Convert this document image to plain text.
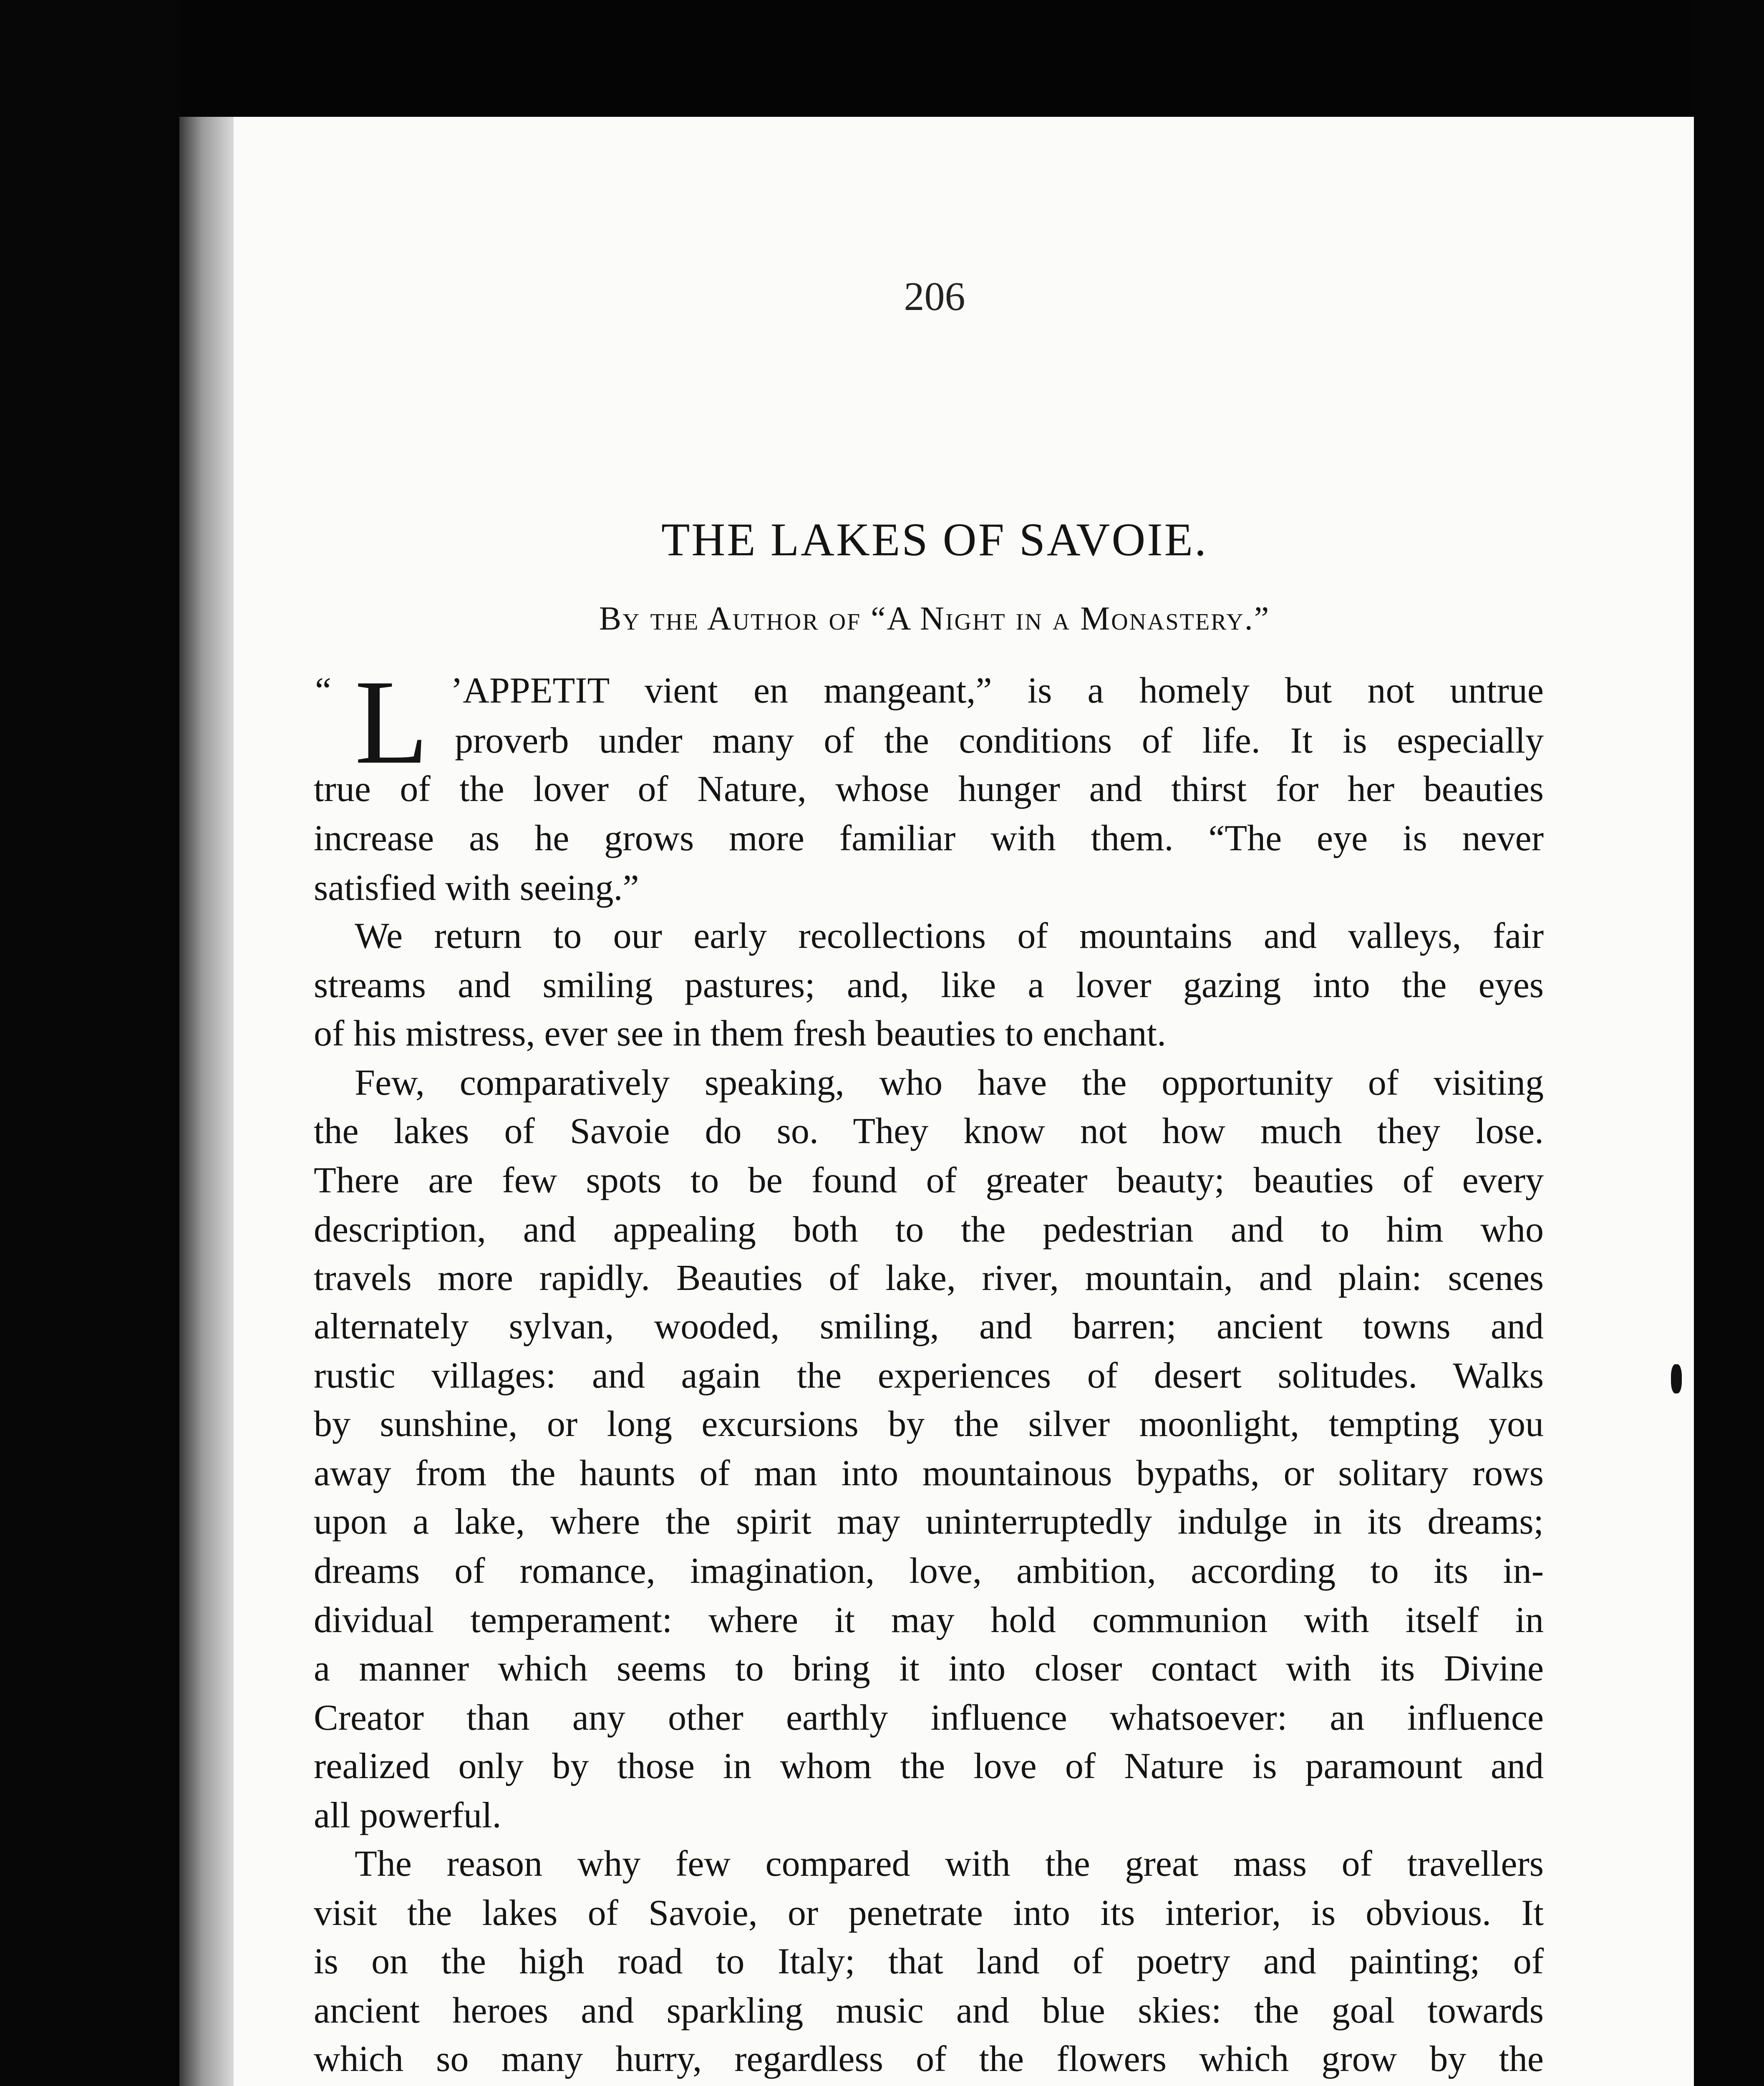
206
THE LAKES OF SAVOIE.
By the Author of “A Night in a Monastery.”
L
“	’APPETIT vient en mangeant,” is a homely but not untrue
proverb under many of the conditions of life. It is especially
true of the lover of Nature, whose hunger and thirst for her beauties
increase as he grows more familiar with them. “The eye is never
satisfied with seeing.”
We return to our early recollections of mountains and valleys, fair
streams and smiling pastures; and, like a lover gazing into the eyes
of his mistress, ever see in them fresh beauties to enchant.
Few, comparatively speaking, who have the opportunity of visiting
the lakes of Savoie do so. They know not how much they lose.
There are few spots to be found of greater beauty; beauties of every
description, and appealing both to the pedestrian and to him who
travels more rapidly. Beauties of lake, river, mountain, and plain: scenes
alternately sylvan, wooded, smiling, and barren; ancient towns and
rustic villages: and again the experiences of desert solitudes. Walks
by sunshine, or long excursions by the silver moonlight, tempting you
away from the haunts of man into mountainous bypaths, or solitary rows
upon a lake, where the spirit may uninterruptedly indulge in its dreams;
dreams of romance, imagination, love, ambition, according to its in-
dividual temperament: where it may hold communion with itself in
a manner which seems to bring it into closer contact with its Divine
Creator than any other earthly influence whatsoever: an influence
realized only by those in whom the love of Nature is paramount and
all powerful.
The reason why few compared with the great mass of travellers
visit the lakes of Savoie, or penetrate into its interior, is obvious. It
is on the high road to Italy; that land of poetry and painting; of
ancient heroes and sparkling music and blue skies: the goal towards
which so many hurry, regardless of the flowers which grow by the
